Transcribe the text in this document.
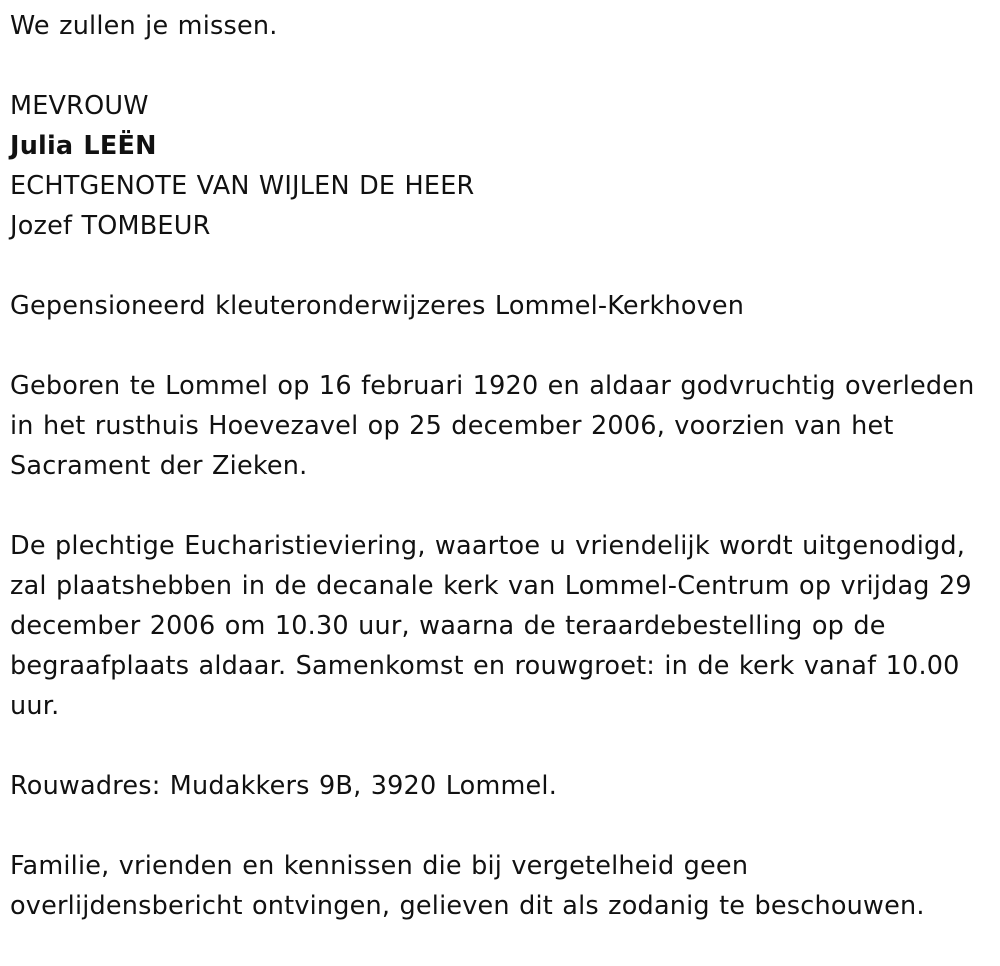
We zullen je missen.
MEVROUW
Julia LEËN
ECHTGENOTE VAN WIJLEN DE HEER
Jozef TOMBEUR
Gepensioneerd kleuteronderwijzeres Lommel-Kerkhoven
Geboren te Lommel op 16 februari 1920 en aldaar godvruchtig overleden
in het rusthuis Hoevezavel op 25 december 2006, voorzien van het
Sacrament der Zieken.
De plechtige Eucharistieviering, waartoe u vriendelijk wordt uitgenodigd,
zal plaatshebben in de decanale kerk van Lommel-Centrum op vrijdag 29
december 2006 om 10.30 uur, waarna de teraardebestelling op de
begraafplaats aldaar. Samenkomst en rouwgroet: in de kerk vanaf 10.00
uur.
Rouwadres: Mudakkers 9B, 3920 Lommel.
Familie, vrienden en kennissen die bij vergetelheid geen
overlijdensbericht ontvingen, gelieven dit als zodanig te beschouwen.
